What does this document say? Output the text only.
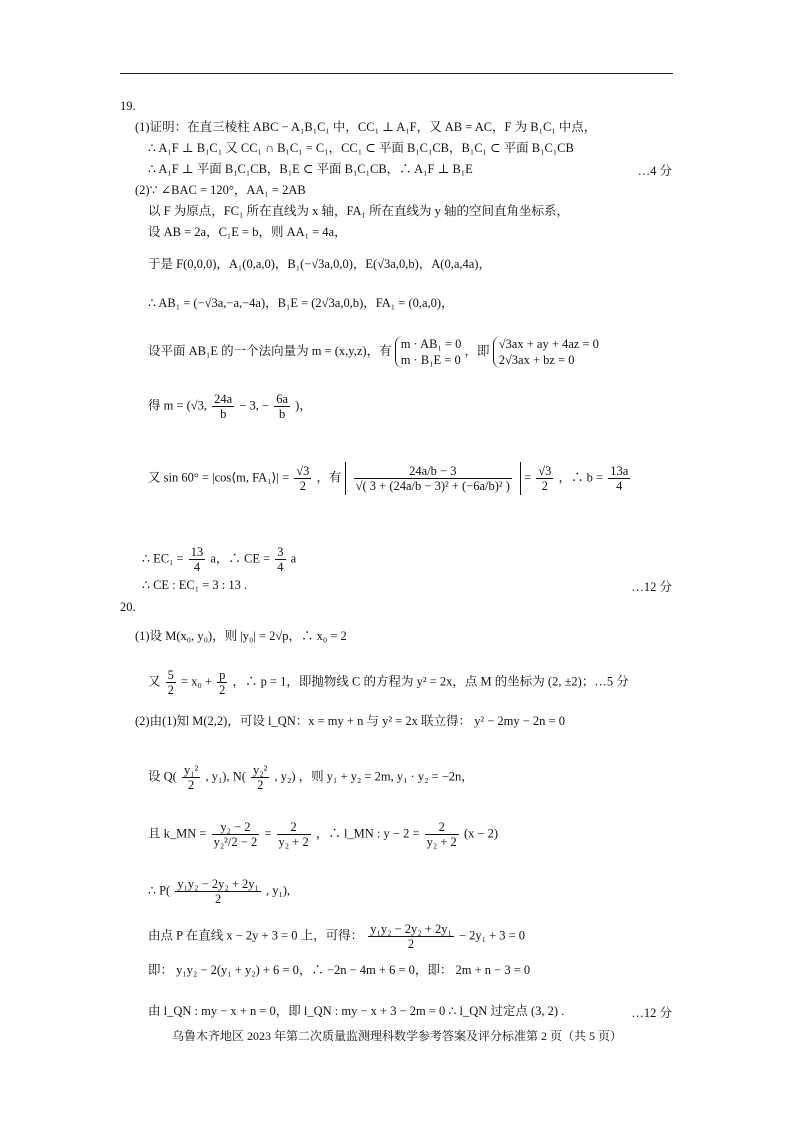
19.
(1)证明：在直三棱柱 ABC − A₁B₁C₁ 中，CC₁ ⊥ A₁F，又 AB = AC，F 为 B₁C₁ 中点，
∴ A₁F ⊥ B₁C₁ 又 CC₁ ∩ B₁C₁ = C₁，CC₁ ⊂ 平面 B₁C₁CB，B₁C₁ ⊂ 平面 B₁C₁CB
∴ A₁F ⊥ 平面 B₁C₁CB，B₁E ⊂ 平面 B₁C₁CB，∴ A₁F ⊥ B₁E	…4 分
(2)∵ ∠BAC = 120°，AA₁ = 2AB
以 F 为原点，FC₁ 所在直线为 x 轴，FA₁ 所在直线为 y 轴的空间直角坐标系，
设 AB = 2a，C₁E = b，则 AA₁ = 4a，
于是 F(0,0,0)，A₁(0,a,0)，B₁(−√3a,0,0)，E(√3a,0,b)，A(0,a,4a)，
∴ AB₁ = (−√3a,−a,−4a)，B₁E = (2√3a,0,b)，FA₁ = (0,a,0)，
设平面 AB₁E 的一个法向量为 m = (x,y,z)，有 m · AB₁ = 0
m · B₁E = 0
，即 √3ax + ay + 4az = 0
2√3ax + bz = 0
得 m = (√3, $\frac{24a}{b} - 3$, − $\frac{6a}{b}$ )，
又 sin 60° = |cos⟨m, FA₁⟩| = $\frac{√3}{2}$ ，有 $\frac{24a/b - 3}{\text{√( 3 + (24a/b − 3)² + (−6a/b)² )}} = \frac{√3}{2}$ ，∴ $b = \frac{13a}{4}$
∴ $EC_1 = \frac{13}{4}$ a，∴ CE = $\frac{3}{4}$ a
∴ CE : EC₁ = 3 : 13 .	…12 分
20.
(1)设 M(x₀, y₀)，则 |y₀| = 2√p，∴ x₀ = 2
又 $\frac{5}{2} = x_0 + \frac{p}{2}$ ，∴ p = 1，即抛物线 C 的方程为 y² = 2x，点 M 的坐标为 (2, ±2)；…5 分
(2)由(1)知 M(2,2)，可设 l_QN：x = my + n 与 y² = 2x 联立得： y² − 2my − 2n = 0
设 $Q( \frac{\text{y₁²}}{2}$ , y₁), $N( \frac{\text{y₂²}}{2}$ , y₂) ，则 y₁ + y₂ = 2m, y₁ · y₂ = −2n，
且 k_MN = $\frac{\text{y₂ − 2}}{\text{y₂²/2 − 2}} = \frac{2}{\text{y₂ + 2}}$ ，∴ l_MN : $y - 2 = \frac{2}{\text{y₂ + 2}} (x - 2)$
∴ $P( \frac{\text{y₁y₂ − 2y₂ + 2y₁}}{2}$ , y₁),
由点 P 在直线 x − 2y + 3 = 0 上，可得： $\frac{\text{y₁y₂ − 2y₂ + 2y₁}}{2} - 2y_1 + 3 = 0$
即： y₁y₂ − 2(y₁ + y₂) + 6 = 0，∴ −2n − 4m + 6 = 0，即： 2m + n − 3 = 0
由 l_QN : my − x + n = 0，即 l_QN : my − x + 3 − 2m = 0 ∴ l_QN 过定点 (3, 2) .	…12 分
乌鲁木齐地区 2023 年第二次质量监测理科数学参考答案及评分标准第 2 页（共 5 页）
